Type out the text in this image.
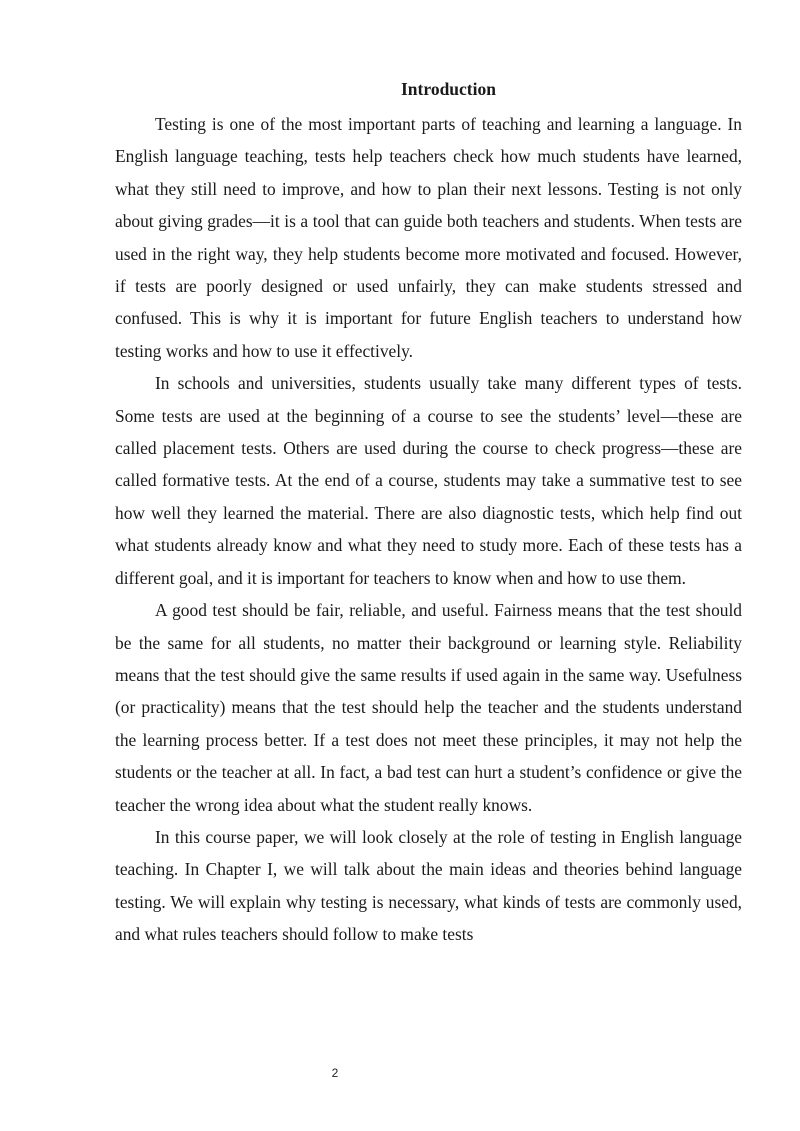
Introduction

Testing is one of the most important parts of teaching and learning a language. In English language teaching, tests help teachers check how much students have learned, what they still need to improve, and how to plan their next lessons. Testing is not only about giving grades—it is a tool that can guide both teachers and students. When tests are used in the right way, they help students become more motivated and focused. However, if tests are poorly designed or used unfairly, they can make students stressed and confused. This is why it is important for future English teachers to understand how testing works and how to use it effectively.

In schools and universities, students usually take many different types of tests. Some tests are used at the beginning of a course to see the students’ level—these are called placement tests. Others are used during the course to check progress—these are called formative tests. At the end of a course, students may take a summative test to see how well they learned the material. There are also diagnostic tests, which help find out what students already know and what they need to study more. Each of these tests has a different goal, and it is important for teachers to know when and how to use them.

A good test should be fair, reliable, and useful. Fairness means that the test should be the same for all students, no matter their background or learning style. Reliability means that the test should give the same results if used again in the same way. Usefulness (or practicality) means that the test should help the teacher and the students understand the learning process better. If a test does not meet these principles, it may not help the students or the teacher at all. In fact, a bad test can hurt a student’s confidence or give the teacher the wrong idea about what the student really knows.

In this course paper, we will look closely at the role of testing in English language teaching. In Chapter I, we will talk about the main ideas and theories behind language testing. We will explain why testing is necessary, what kinds of tests are commonly used, and what rules teachers should follow to make tests

2
